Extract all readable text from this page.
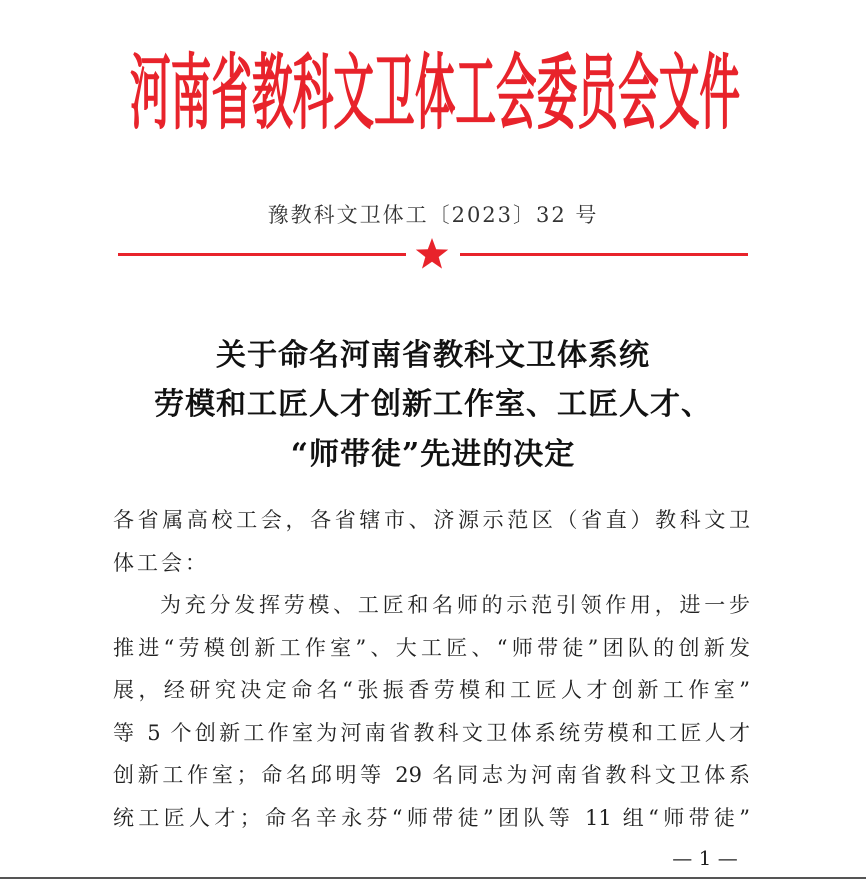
河南省教科文卫体工会委员会文件
豫教科文卫体工〔2023〕32 号
关于命名河南省教科文卫体系统
劳模和工匠人才创新工作室、工匠人才、
“师带徒”先进的决定
各省属高校工会，各省辖市、济源示范区（省直）教科文卫
体工会：
为充分发挥劳模、工匠和名师的示范引领作用，进一步
推进“劳模创新工作室”、大工匠、“师带徒”团队的创新发
展，经研究决定命名“张振香劳模和工匠人才创新工作室”
等 5 个创新工作室为河南省教科文卫体系统劳模和工匠人才
创新工作室；命名邱明等 29 名同志为河南省教科文卫体系
统工匠人才；命名辛永芬“师带徒”团队等 11 组“师带徒”
— 1 —
